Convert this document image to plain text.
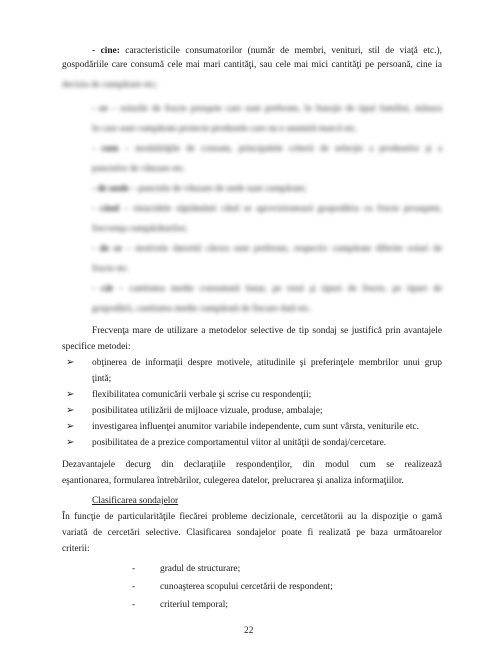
- cine: caracteristicile consumatorilor (număr de membri, venituri, stil de viaţă etc.),
gospodăriile care consumă cele mai mari cantităţi, sau cele mai mici cantităţi pe persoană, cine ia
decizia de cumpărare etc;
- ce – soiurile de fructe preuşete care sunt preferate, în funcţie de tipul familiei, măsura
în care sunt cumpărate proiecte produsele care nu e anumită marcă etc.
- cum – modalităţile de consum, principalele criterii de selecţie a produselor şi a
punctelor de vânzare etc.
- de unde – punctele de vânzare de unde sunt cumpărate;
- când – sinucidele săptămânii când se aprovizionează gospodăria cu fructe proaspete,
frecvenţa cumpărăturilor;
- de ce – motivele datorită cărora sunt preferate, respectiv cumpărate diferite soiuri de
fructe etc.
- cât – cantitatea medie consumată lunar, pe total şi tipuri de fructe, pe tipuri de
gospodării, cantitatea medie cumpărată de fiecare dată etc.
Frecvenţa mare de utilizare a metodelor selective de tip sondaj se justifică prin avantajele
specifice metodei:
➢ obţinerea de informaţii despre motivele, atitudinile şi preferinţele membrilor unui grup
ţintă;
➢ flexibilitatea comunicării verbale şi scrise cu respondenţii;
➢ posibilitatea utilizării de mijloace vizuale, produse, ambalaje;
➢ investigarea influenţei anumitor variabile independente, cum sunt vârsta, veniturile etc.
➢ posibilitatea de a prezice comportamentul viitor al unităţii de sondaj/cercetare.
Dezavantajele decurg din declaraţiile respondenţilor, din modul cum se realizează
eşantionarea, formularea întrebărilor, culegerea datelor, prelucrarea şi analiza informaţiilor.
Clasificarea sondajelor
În funcţie de particularităţile fiecărei probleme decizionale, cercetătorii au la dispoziţie o gamă
variată de cercetări selective. Clasificarea sondajelor poate fi realizată pe baza următoarelor
criterii:
-	gradul de structurare;
-	cunoaşterea scopului cercetării de respondent;
-	criteriul temporal;
22
